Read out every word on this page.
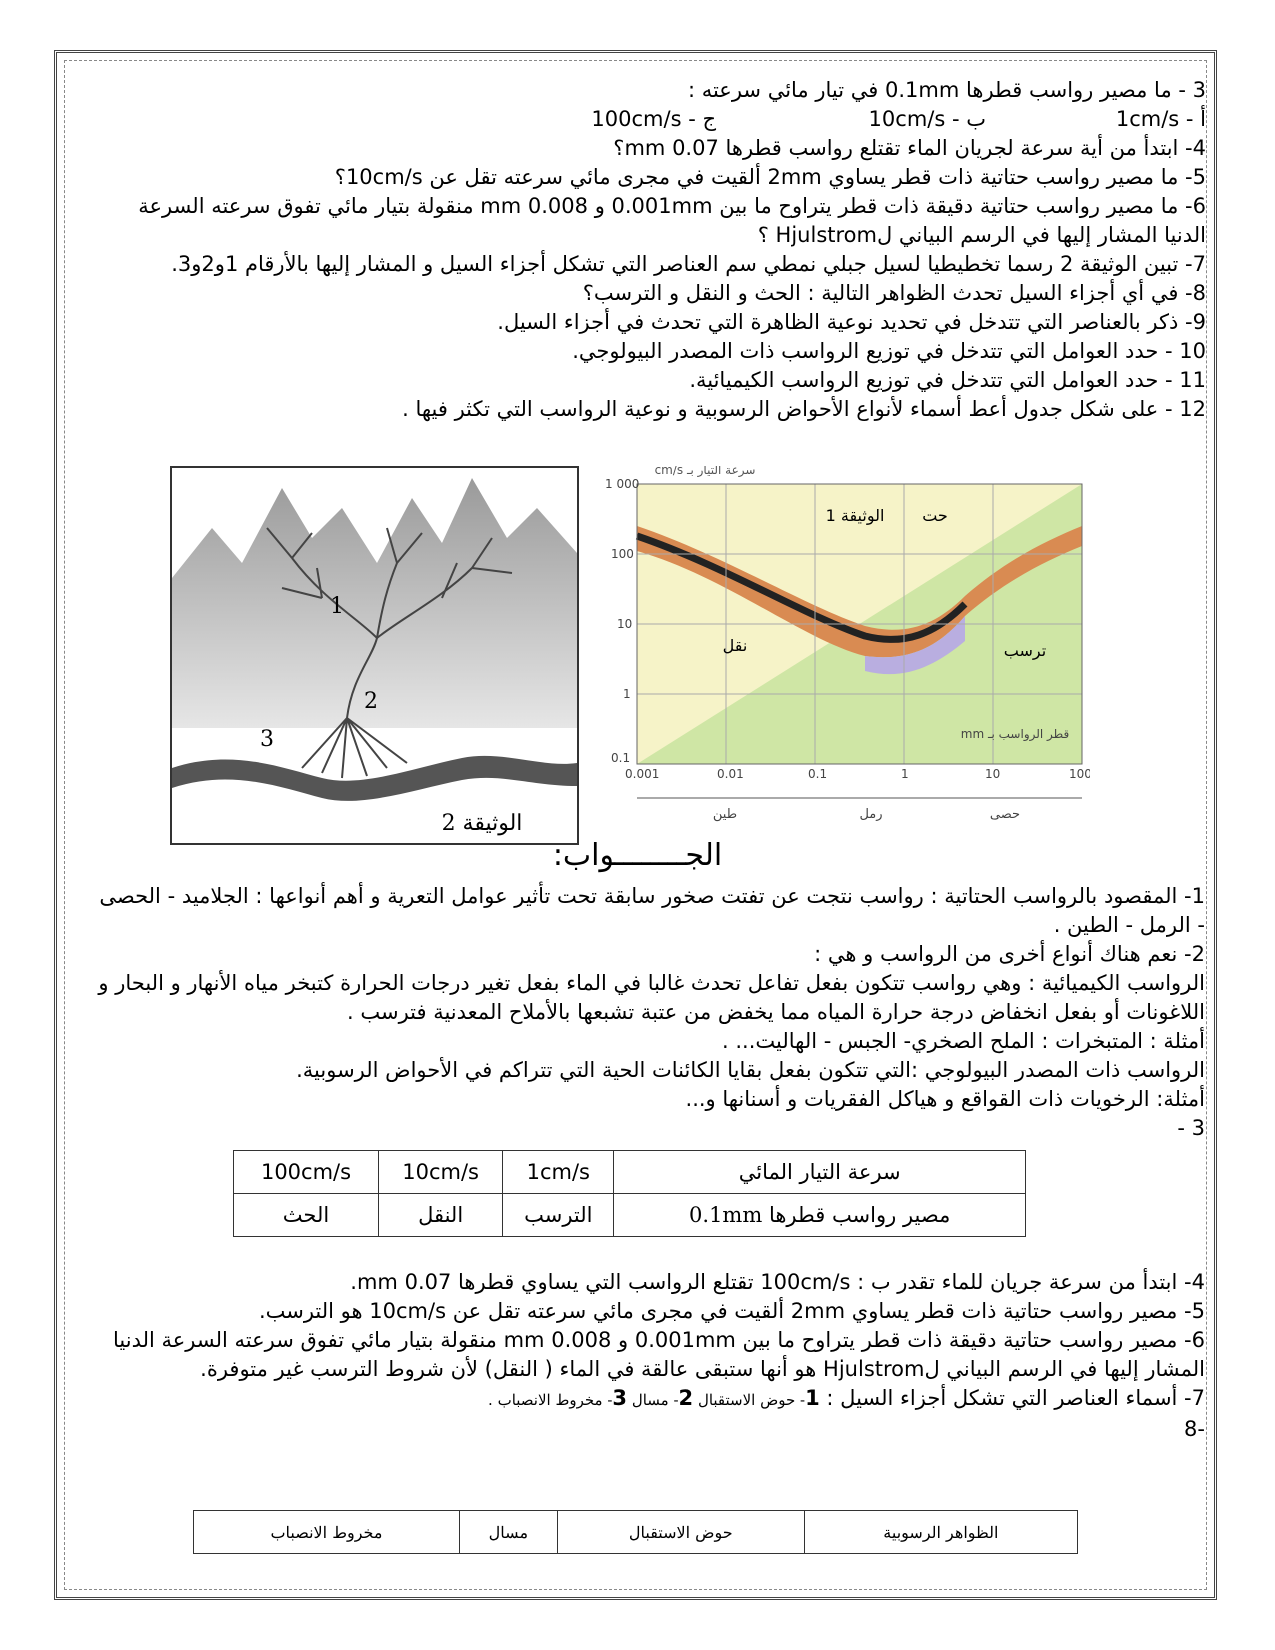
3 - ما مصير رواسب قطرها 0.1mm في تيار مائي سرعته :

أ - 1cm/s
ب - 10cm/s
ج - 100cm/s

4- ابتدأ من أية سرعة لجريان الماء تقتلع رواسب قطرها 0.07 mm؟

5- ما مصير رواسب حتاتية ذات قطر يساوي 2mm ألقيت في مجرى مائي سرعته تقل عن 10cm/s؟

6- ما مصير رواسب حتاتية دقيقة ذات قطر يتراوح ما بين 0.001mm و 0.008 mm منقولة بتيار مائي تفوق سرعته السرعة الدنيا المشار إليها في الرسم البياني لHjulstrom ؟

7- تبين الوثيقة 2 رسما تخطيطيا لسيل جبلي نمطي سم العناصر التي تشكل أجزاء السيل و المشار إليها بالأرقام 1و2و3.

8- في أي أجزاء السيل تحدث الظواهر التالية : الحث و النقل و الترسب؟

9- ذكر بالعناصر التي تتدخل في تحديد نوعية الظاهرة التي تحدث في أجزاء السيل.

10 - حدد العوامل التي تتدخل في توزيع الرواسب ذات المصدر البيولوجي.

11 - حدد العوامل التي تتدخل في توزيع الرواسب الكيميائية.

12 - على شكل جدول أعط أسماء لأنواع الأحواض الرسوبية و نوعية الرواسب التي تكثر فيها .

1
2
3
الوثيقة 2
سرعة التيار بـ cm/s
1 000
100
10
1
0.1
0.001	0.01	0.1	1	10	100
الوثيقة 1 حت
نقل	ترسب
قطر الرواسب بـ mm
طين	رمل	حصى
الجــــــــواب:

1- المقصود بالرواسب الحتاتية : رواسب نتجت عن تفتت صخور سابقة تحت تأثير عوامل التعرية و أهم أنواعها : الجلاميد - الحصى - الرمل - الطين .

2- نعم هناك أنواع أخرى من الرواسب و هي :

الرواسب الكيميائية : وهي رواسب تتكون بفعل تفاعل تحدث غالبا في الماء بفعل تغير درجات الحرارة كتبخر مياه الأنهار و البحار و اللاغونات أو بفعل انخفاض درجة حرارة المياه مما يخفض من عتبة تشبعها بالأملاح المعدنية فترسب .

أمثلة : المتبخرات : الملح الصخري- الجبس - الهاليت... .

الرواسب ذات المصدر البيولوجي :التي تتكون بفعل بقايا الكائنات الحية التي تتراكم في الأحواض الرسوبية.

أمثلة: الرخويات ذات القواقع و هياكل الفقريات و أسنانها و...

3 -

سرعة التيار المائي	1cm/s	10cm/s	100cm/s
مصير رواسب قطرها 0.1mm	الترسب	النقل	الحث

4- ابتدأ من سرعة جريان للماء تقدر ب : 100cm/s تقتلع الرواسب التي يساوي قطرها 0.07 mm.

5- مصير رواسب حتاتية ذات قطر يساوي 2mm ألقيت في مجرى مائي سرعته تقل عن 10cm/s هو الترسب.

6- مصير رواسب حتاتية دقيقة ذات قطر يتراوح ما بين 0.001mm و 0.008 mm منقولة بتيار مائي تفوق سرعته السرعة الدنيا المشار إليها في الرسم البياني لHjulstrom هو أنها ستبقى عالقة في الماء ( النقل) لأن شروط الترسب غير متوفرة.

7- أسماء العناصر التي تشكل أجزاء السيل : 1- حوض الاستقبال 2- مسال 3- مخروط الانصباب .

-8

الظواهر الرسوبية	حوض الاستقبال	مسال	مخروط الانصباب
